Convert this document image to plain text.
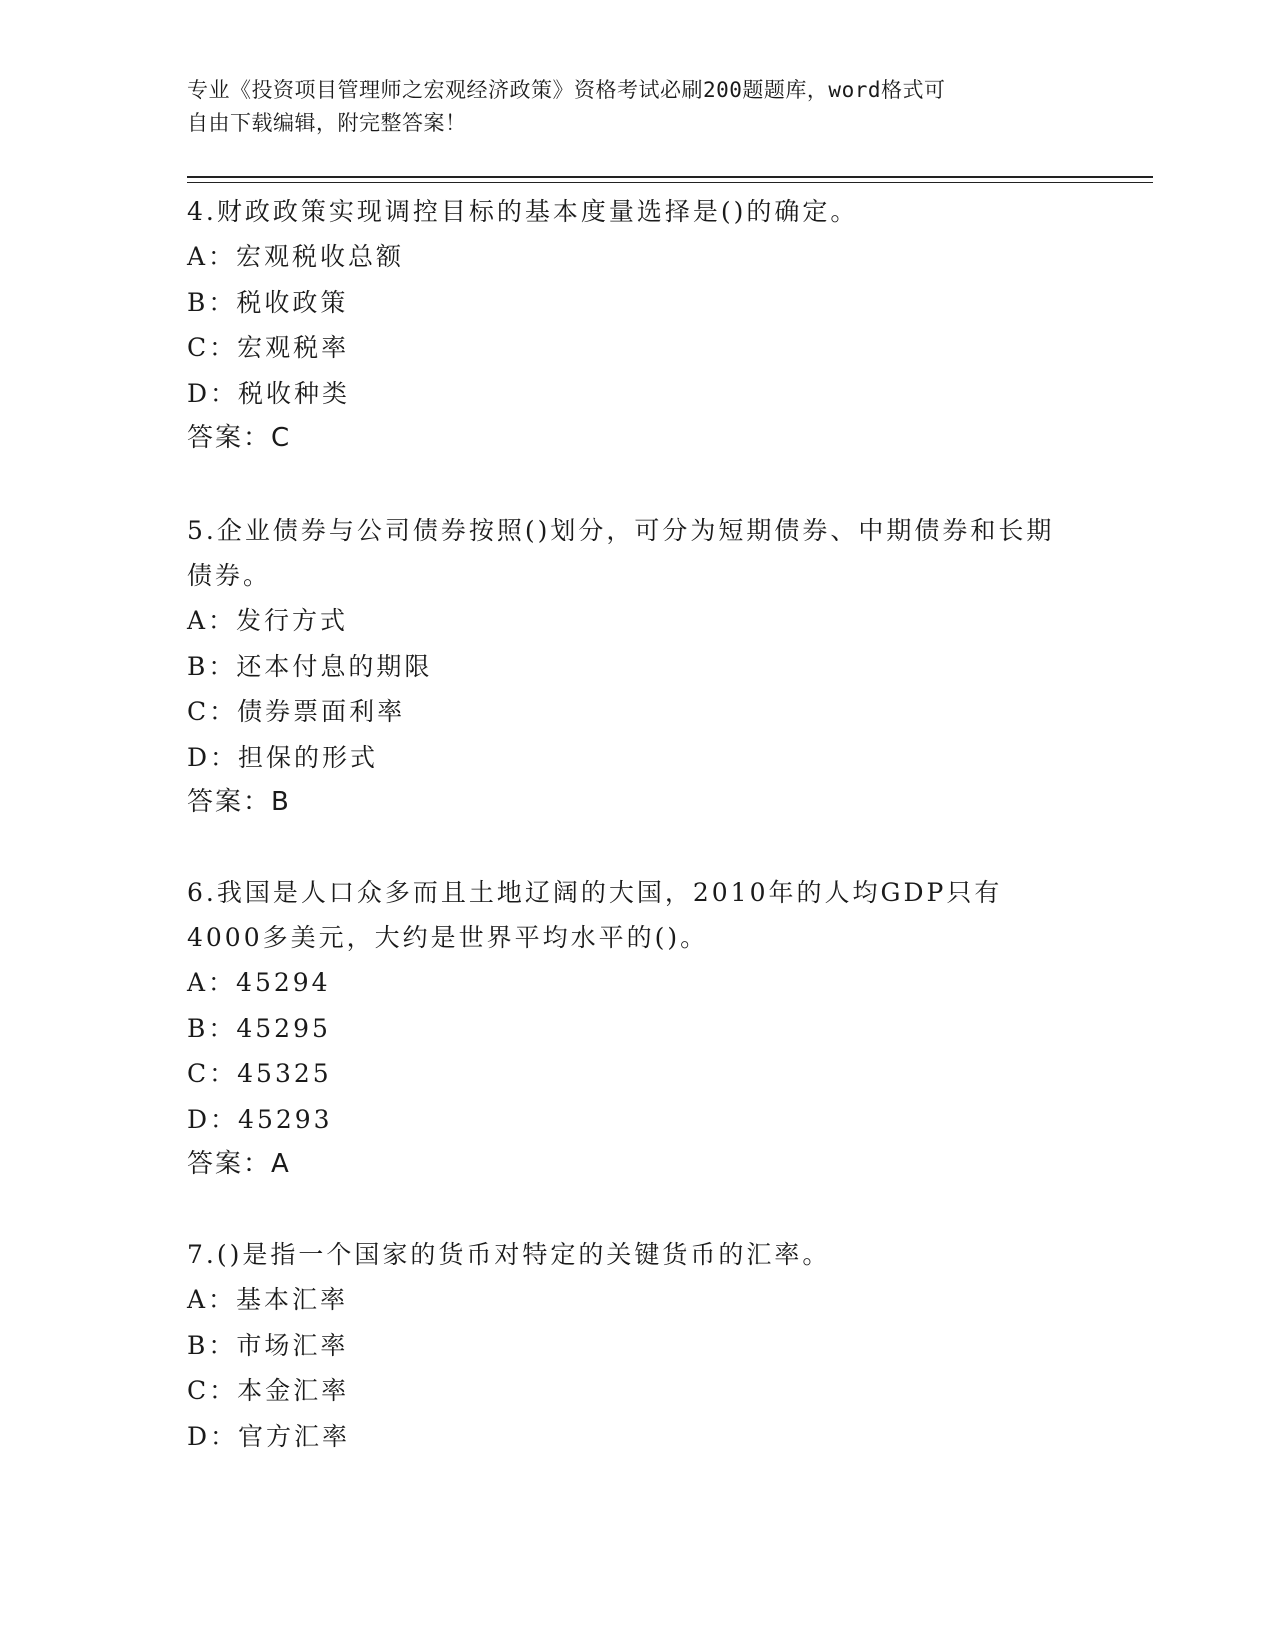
专业《投资项目管理师之宏观经济政策》资格考试必刷200题题库，word格式可
自由下载编辑，附完整答案！

4.财政政策实现调控目标的基本度量选择是()的确定。

A：宏观税收总额

B：税收政策

C：宏观税率

D：税收种类

答案：C

5.企业债券与公司债券按照()划分，可分为短期债券、中期债券和长期债券。

A：发行方式

B：还本付息的期限

C：债券票面利率

D：担保的形式

答案：B

6.我国是人口众多而且土地辽阔的大国，2010年的人均GDP只有4000多美元，大约是世界平均水平的()。

A：45294

B：45295

C：45325

D：45293

答案：A

7.()是指一个国家的货币对特定的关键货币的汇率。

A：基本汇率

B：市场汇率

C：本金汇率

D：官方汇率
